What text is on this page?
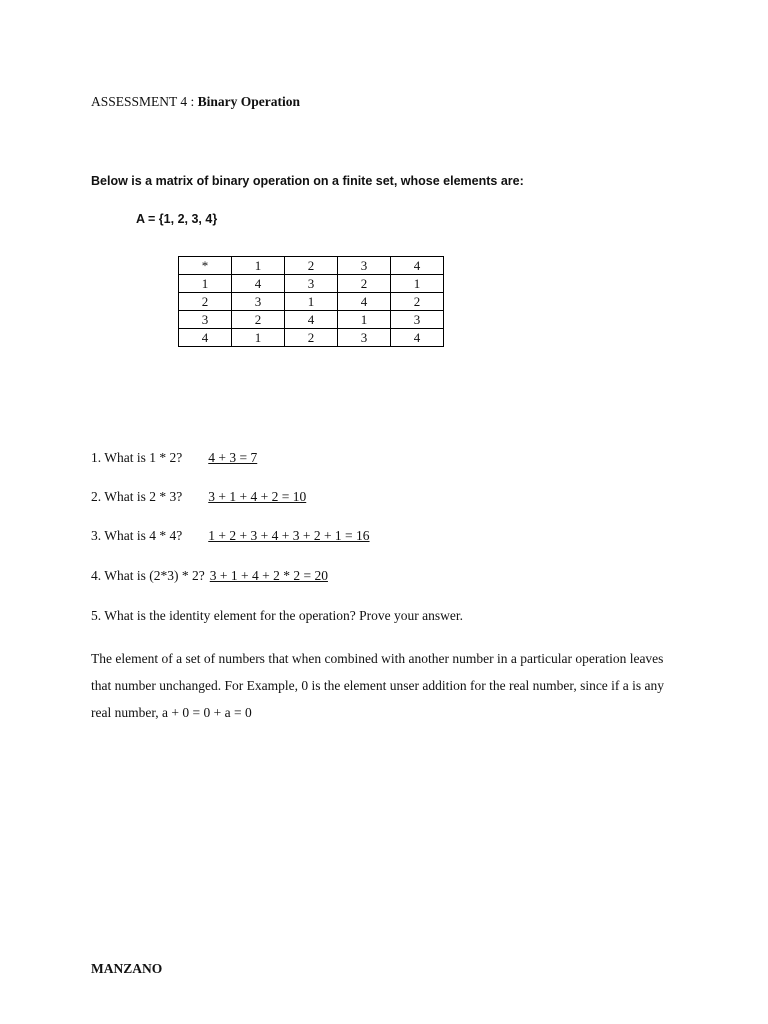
ASSESSMENT 4 : Binary Operation
Below is a matrix of binary operation on a finite set, whose elements are:
A = {1, 2, 3, 4}
*	1	2	3	4
1	4	3	2	1
2	3	1	4	2
3	2	4	1	3
4	1	2	3	4
1. What is 1 * 2? 4 + 3 = 7
2. What is 2 * 3? 3 + 1 + 4 + 2 = 10
3. What is 4 * 4? 1 + 2 + 3 + 4 + 3 + 2 + 1 = 16
4. What is (2*3) * 2? 3 + 1 + 4 + 2 * 2 = 20
5. What is the identity element for the operation? Prove your answer.
The element of a set of numbers that when combined with another number in a particular operation leaves that number unchanged. For Example, 0 is the element unser addition for the real number, since if a is any real number, a + 0 = 0 + a = 0
MANZANO
